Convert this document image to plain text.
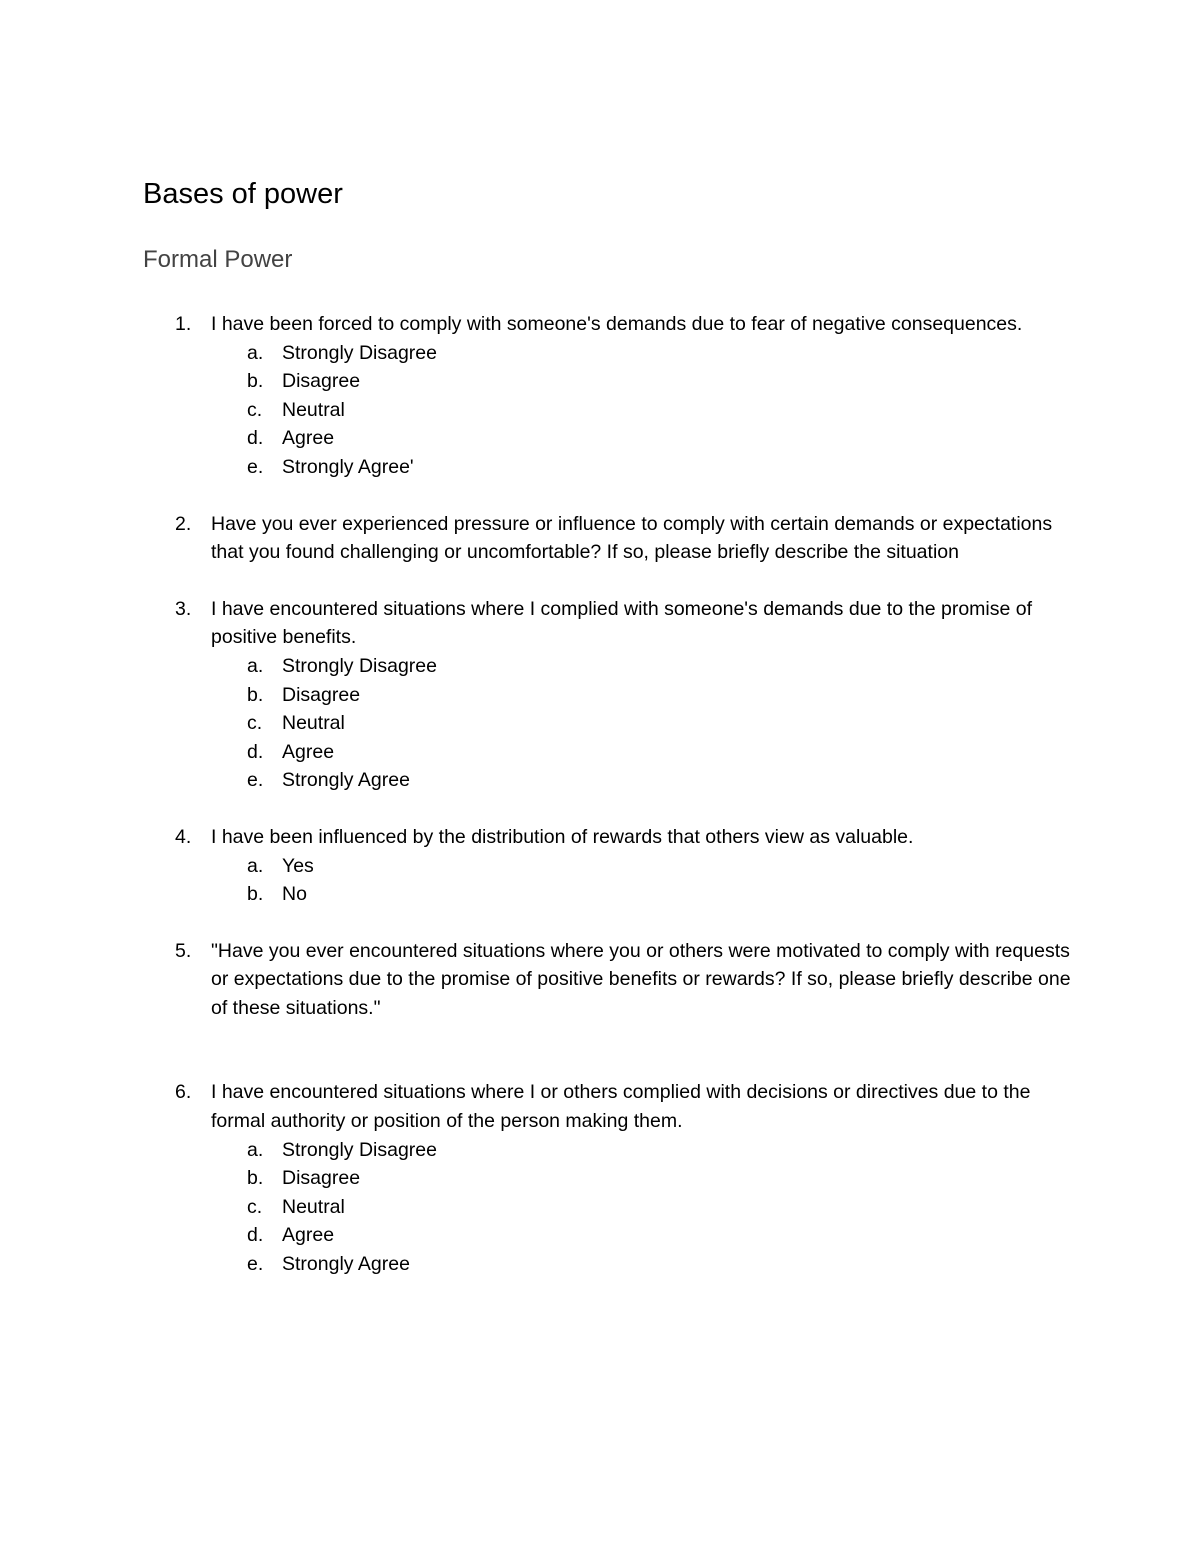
Bases of power
Formal Power
1.	I have been forced to comply with someone's demands due to fear of negative consequences.
a. Strongly Disagree
b. Disagree
c. Neutral
d. Agree
e. Strongly Agree'
2.	Have you ever experienced pressure or influence to comply with certain demands or expectations that you found challenging or uncomfortable? If so, please briefly describe the situation
3.	I have encountered situations where I complied with someone's demands due to the promise of positive benefits.
a. Strongly Disagree
b. Disagree
c. Neutral
d. Agree
e. Strongly Agree
4.	I have been influenced by the distribution of rewards that others view as valuable.
a. Yes
b. No
5.	"Have you ever encountered situations where you or others were motivated to comply with requests or expectations due to the promise of positive benefits or rewards? If so, please briefly describe one of these situations."
6.	I have encountered situations where I or others complied with decisions or directives due to the formal authority or position of the person making them.
a. Strongly Disagree
b. Disagree
c. Neutral
d. Agree
e. Strongly Agree
